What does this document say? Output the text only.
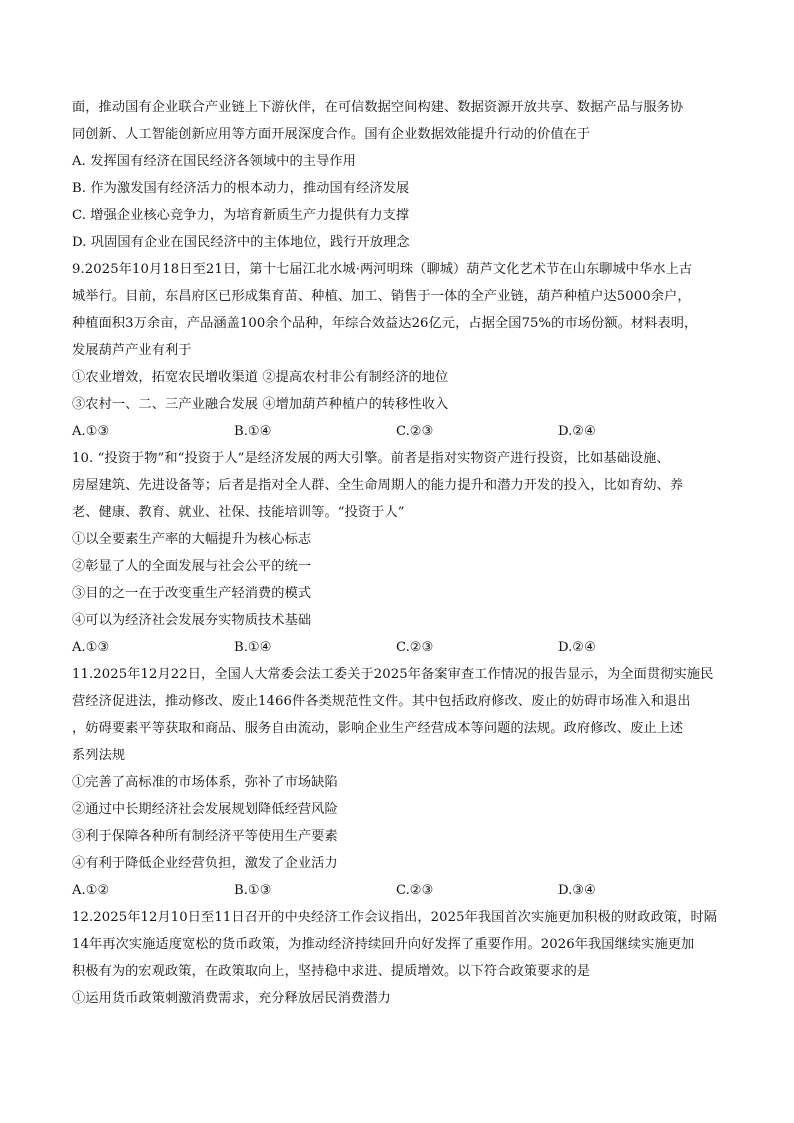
面，推动国有企业联合产业链上下游伙伴，在可信数据空间构建、数据资源开放共享、数据产品与服务协
同创新、人工智能创新应用等方面开展深度合作。国有企业数据效能提升行动的价值在于
A. 发挥国有经济在国民经济各领域中的主导作用
B. 作为激发国有经济活力的根本动力，推动国有经济发展
C. 增强企业核心竞争力，为培育新质生产力提供有力支撑
D. 巩固国有企业在国民经济中的主体地位，践行开放理念
9.2025年10月18日至21日，第十七届江北水城·两河明珠（聊城）葫芦文化艺术节在山东聊城中华水上古
城举行。目前，东昌府区已形成集育苗、种植、加工、销售于一体的全产业链，葫芦种植户达5000余户，
种植面积3万余亩，产品涵盖100余个品种，年综合效益达26亿元，占据全国75%的市场份额。材料表明，
发展葫芦产业有利于
①农业增效，拓宽农民增收渠道 ②提高农村非公有制经济的地位
③农村一、二、三产业融合发展 ④增加葫芦种植户的转移性收入
A.①③	B.①④	C.②③	D.②④
10. “投资于物”和“投资于人”是经济发展的两大引擎。前者是指对实物资产进行投资，比如基础设施、
房屋建筑、先进设备等；后者是指对全人群、全生命周期人的能力提升和潜力开发的投入，比如育幼、养
老、健康、教育、就业、社保、技能培训等。“投资于人”
①以全要素生产率的大幅提升为核心标志
②彰显了人的全面发展与社会公平的统一
③目的之一在于改变重生产轻消费的模式
④可以为经济社会发展夯实物质技术基础
A.①③	B.①④	C.②③	D.②④
11.2025年12月22日，全国人大常委会法工委关于2025年备案审查工作情况的报告显示，为全面贯彻实施民
营经济促进法，推动修改、废止1466件各类规范性文件。其中包括政府修改、废止的妨碍市场准入和退出
，妨碍要素平等获取和商品、服务自由流动，影响企业生产经营成本等问题的法规。政府修改、废止上述
系列法规
①完善了高标准的市场体系，弥补了市场缺陷
②通过中长期经济社会发展规划降低经营风险
③利于保障各种所有制经济平等使用生产要素
④有利于降低企业经营负担，激发了企业活力
A.①②	B.①③	C.②③	D.③④
12.2025年12月10日至11日召开的中央经济工作会议指出，2025年我国首次实施更加积极的财政政策，时隔
14年再次实施适度宽松的货币政策，为推动经济持续回升向好发挥了重要作用。2026年我国继续实施更加
积极有为的宏观政策，在政策取向上，坚持稳中求进、提质增效。以下符合政策要求的是
①运用货币政策刺激消费需求，充分释放居民消费潜力
